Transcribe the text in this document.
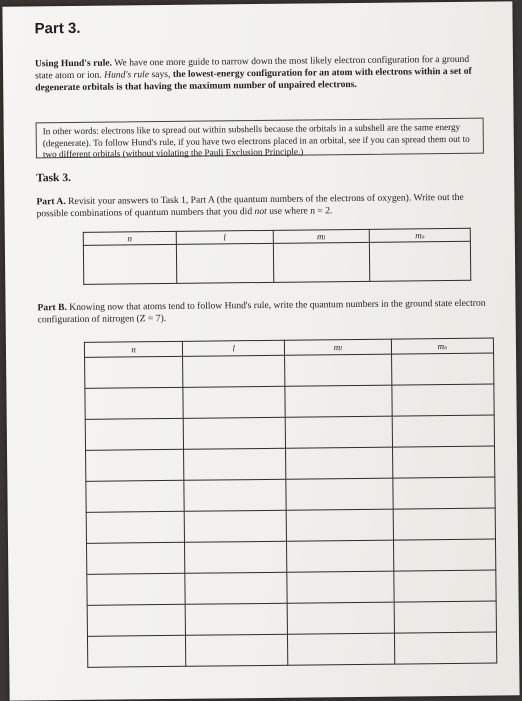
Part 3.
Using Hund's rule. We have one more guide to narrow down the most likely electron configuration for a ground state atom or ion. Hund's rule says, the lowest-energy configuration for an atom with electrons within a set of degenerate orbitals is that having the maximum number of unpaired electrons.
In other words: electrons like to spread out within subshells because the orbitals in a subshell are the same energy (degenerate). To follow Hund's rule, if you have two electrons placed in an orbital, see if you can spread them out to two different orbitals (without violating the Pauli Exclusion Principle.)
Task 3.
Part A. Revisit your answers to Task 1, Part A (the quantum numbers of the electrons of oxygen). Write out the possible combinations of quantum numbers that you did not use where n = 2.
n	l	mₗ	mₛ

Part B. Knowing now that atoms tend to follow Hund's rule, write the quantum numbers in the ground state electron configuration of nitrogen (Z = 7).
n	l	mₗ	mₛ
